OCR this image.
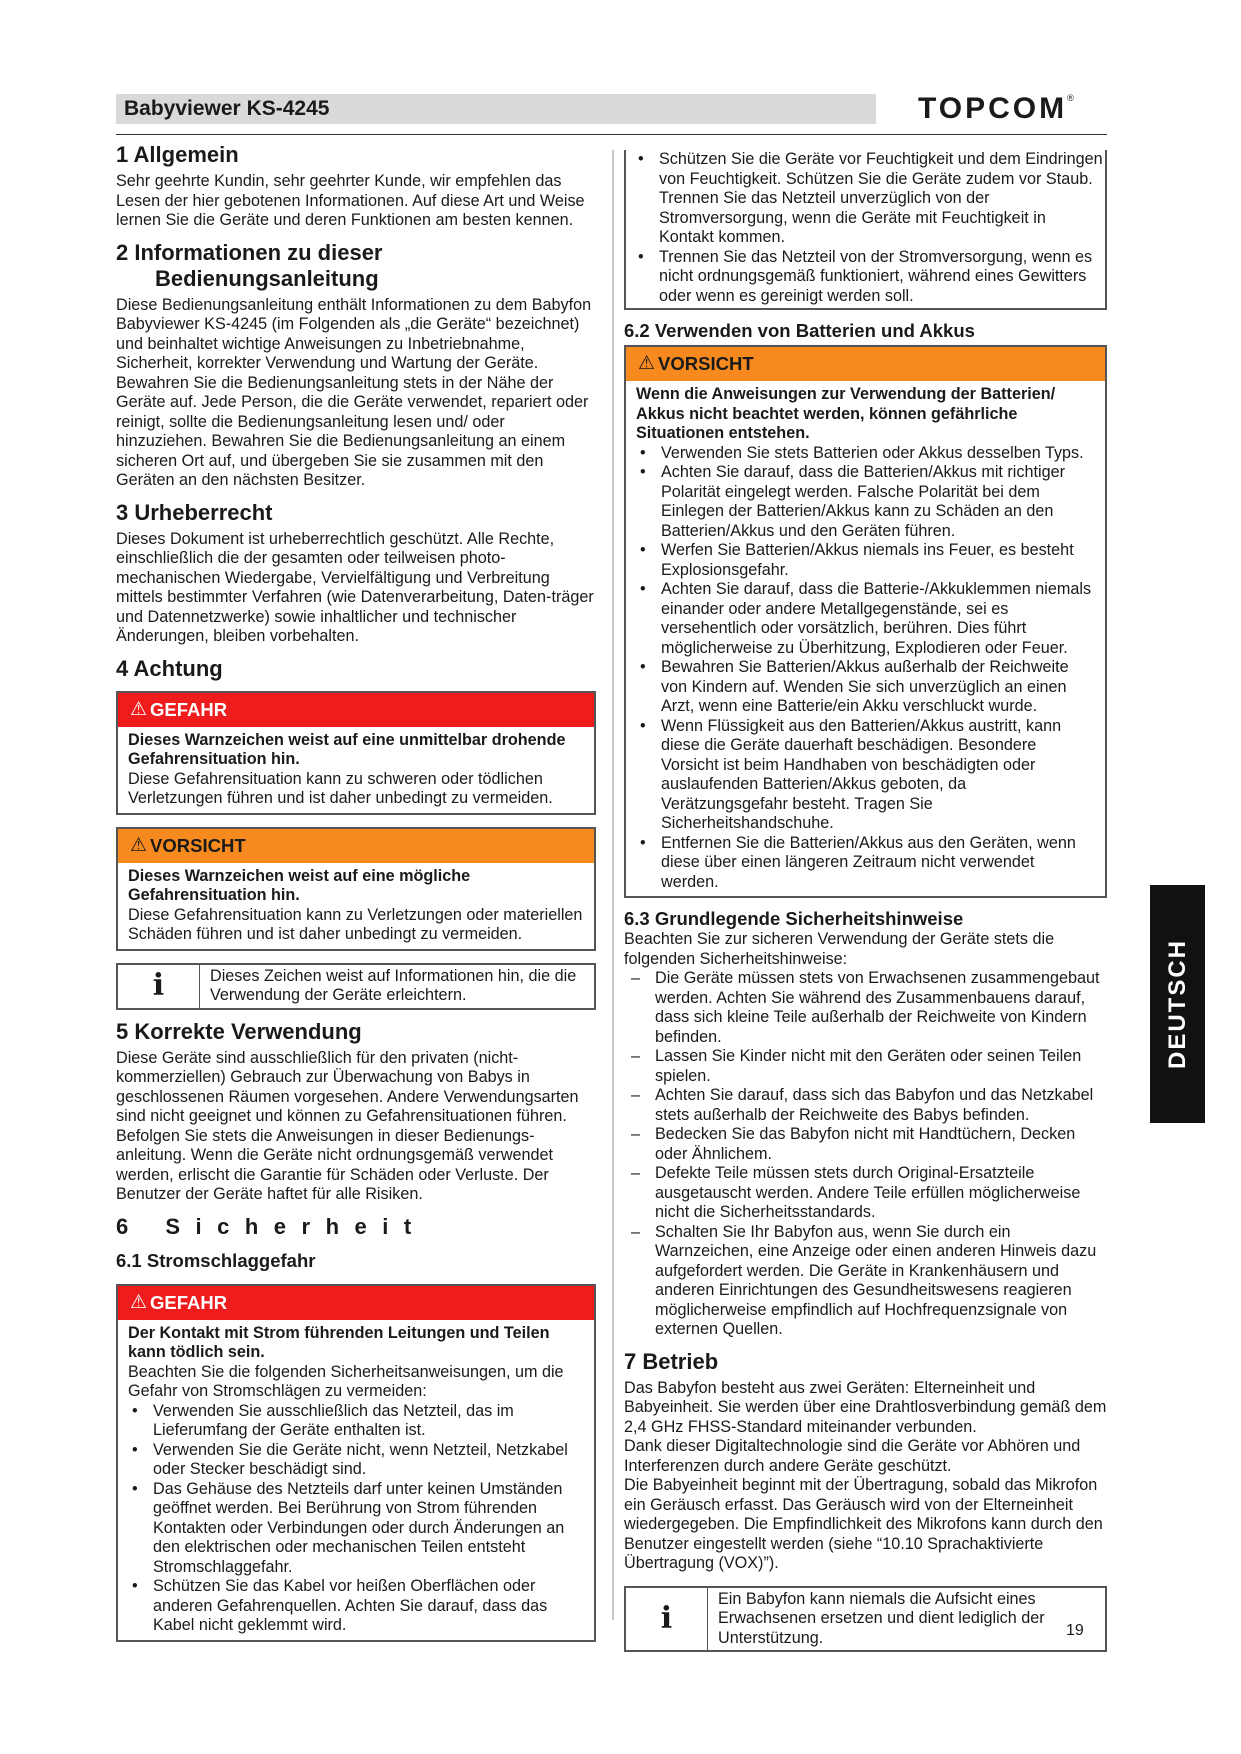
Babyviewer KS-4245	TOPCOM®
1 Allgemein

Sehr geehrte Kundin, sehr geehrter Kunde, wir empfehlen das Lesen der hier gebotenen Informationen. Auf diese Art und Weise lernen Sie die Geräte und deren Funktionen am besten kennen.

2 Informationen zu dieser
Bedienungsanleitung

Diese Bedienungsanleitung enthält Informationen zu dem Babyfon Babyviewer KS-4245 (im Folgenden als „die Geräte“ bezeichnet) und beinhaltet wichtige Anweisungen zu Inbetriebnahme, Sicherheit, korrekter Verwendung und Wartung der Geräte. Bewahren Sie die Bedienungsanleitung stets in der Nähe der Geräte auf. Jede Person, die die Geräte verwendet, repariert oder reinigt, sollte die Bedienungsanleitung lesen und/ oder hinzuziehen. Bewahren Sie die Bedienungsanleitung an einem sicheren Ort auf, und übergeben Sie sie zusammen mit den Geräten an den nächsten Besitzer.

3 Urheberrecht

Dieses Dokument ist urheberrechtlich geschützt. Alle Rechte, einschließlich die der gesamten oder teilweisen photo-mechanischen Wiedergabe, Vervielfältigung und Verbreitung mittels bestimmter Verfahren (wie Datenverarbeitung, Daten-träger und Datennetzwerke) sowie inhaltlicher und technischer Änderungen, bleiben vorbehalten.

4 Achtung
⚠ GEFAHR
Dieses Warnzeichen weist auf eine unmittelbar drohende Gefahrensituation hin.

Diese Gefahrensituation kann zu schweren oder tödlichen Verletzungen führen und ist daher unbedingt zu vermeiden.

⚠ VORSICHT
Dieses Warnzeichen weist auf eine mögliche Gefahrensituation hin.

Diese Gefahrensituation kann zu Verletzungen oder materiellen Schäden führen und ist daher unbedingt zu vermeiden.

i	Dieses Zeichen weist auf Informationen hin, die die Verwendung der Geräte erleichtern.
5 Korrekte Verwendung

Diese Geräte sind ausschließlich für den privaten (nicht-kommerziellen) Gebrauch zur Überwachung von Babys in geschlossenen Räumen vorgesehen. Andere Verwendungsarten sind nicht geeignet und können zu Gefahrensituationen führen. Befolgen Sie stets die Anweisungen in dieser Bedienungs-anleitung. Wenn die Geräte nicht ordnungsgemäß verwendet werden, erlischt die Garantie für Schäden oder Verluste. Der Benutzer der Geräte haftet für alle Risiken.

6 Sicherheit
6.1 Stromschlaggefahr
⚠ GEFAHR
Der Kontakt mit Strom führenden Leitungen und Teilen kann tödlich sein.

Beachten Sie die folgenden Sicherheitsanweisungen, um die Gefahr von Stromschlägen zu vermeiden:

• Verwenden Sie ausschließlich das Netzteil, das im Lieferumfang der Geräte enthalten ist.
• Verwenden Sie die Geräte nicht, wenn Netzteil, Netzkabel oder Stecker beschädigt sind.
• Das Gehäuse des Netzteils darf unter keinen Umständen geöffnet werden. Bei Berührung von Strom führenden Kontakten oder Verbindungen oder durch Änderungen an den elektrischen oder mechanischen Teilen entsteht Stromschlaggefahr.
• Schützen Sie das Kabel vor heißen Oberflächen oder anderen Gefahrenquellen. Achten Sie darauf, dass das Kabel nicht geklemmt wird.
• Schützen Sie die Geräte vor Feuchtigkeit und dem Eindringen von Feuchtigkeit. Schützen Sie die Geräte zudem vor Staub. Trennen Sie das Netzteil unverzüglich von der Stromversorgung, wenn die Geräte mit Feuchtigkeit in Kontakt kommen.
• Trennen Sie das Netzteil von der Stromversorgung, wenn es nicht ordnungsgemäß funktioniert, während eines Gewitters oder wenn es gereinigt werden soll.
6.2 Verwenden von Batterien und Akkus
⚠ VORSICHT
Wenn die Anweisungen zur Verwendung der Batterien/ Akkus nicht beachtet werden, können gefährliche Situationen entstehen.
• Verwenden Sie stets Batterien oder Akkus desselben Typs.
• Achten Sie darauf, dass die Batterien/Akkus mit richtiger Polarität eingelegt werden. Falsche Polarität bei dem Einlegen der Batterien/Akkus kann zu Schäden an den Batterien/Akkus und den Geräten führen.
• Werfen Sie Batterien/Akkus niemals ins Feuer, es besteht Explosionsgefahr.
• Achten Sie darauf, dass die Batterie-/Akkuklemmen niemals einander oder andere Metallgegenstände, sei es versehentlich oder vorsätzlich, berühren. Dies führt möglicherweise zu Überhitzung, Explodieren oder Feuer.
• Bewahren Sie Batterien/Akkus außerhalb der Reichweite von Kindern auf. Wenden Sie sich unverzüglich an einen Arzt, wenn eine Batterie/ein Akku verschluckt wurde.
• Wenn Flüssigkeit aus den Batterien/Akkus austritt, kann diese die Geräte dauerhaft beschädigen. Besondere Vorsicht ist beim Handhaben von beschädigten oder auslaufenden Batterien/Akkus geboten, da Verätzungsgefahr besteht. Tragen Sie Sicherheitshandschuhe.
• Entfernen Sie die Batterien/Akkus aus den Geräten, wenn diese über einen längeren Zeitraum nicht verwendet werden.
6.3 Grundlegende Sicherheitshinweise

Beachten Sie zur sicheren Verwendung der Geräte stets die folgenden Sicherheitshinweise:

– Die Geräte müssen stets von Erwachsenen zusammengebaut werden. Achten Sie während des Zusammenbauens darauf, dass sich kleine Teile außerhalb der Reichweite von Kindern befinden.
– Lassen Sie Kinder nicht mit den Geräten oder seinen Teilen spielen.
– Achten Sie darauf, dass sich das Babyfon und das Netzkabel stets außerhalb der Reichweite des Babys befinden.
– Bedecken Sie das Babyfon nicht mit Handtüchern, Decken oder Ähnlichem.
– Defekte Teile müssen stets durch Original-Ersatzteile ausgetauscht werden. Andere Teile erfüllen möglicherweise nicht die Sicherheitsstandards.
– Schalten Sie Ihr Babyfon aus, wenn Sie durch ein Warnzeichen, eine Anzeige oder einen anderen Hinweis dazu aufgefordert werden. Die Geräte in Krankenhäusern und anderen Einrichtungen des Gesundheitswesens reagieren möglicherweise empfindlich auf Hochfrequenzsignale von externen Quellen.
7 Betrieb

Das Babyfon besteht aus zwei Geräten: Elterneinheit und Babyeinheit. Sie werden über eine Drahtlosverbindung gemäß dem 2,4 GHz FHSS-Standard miteinander verbunden.

Dank dieser Digitaltechnologie sind die Geräte vor Abhören und Interferenzen durch andere Geräte geschützt.

Die Babyeinheit beginnt mit der Übertragung, sobald das Mikrofon ein Geräusch erfasst. Das Geräusch wird von der Elterneinheit wiedergegeben. Die Empfindlichkeit des Mikrofons kann durch den Benutzer eingestellt werden (siehe “10.10 Sprachaktivierte Übertragung (VOX)”).

i
Ein Babyfon kann niemals die Aufsicht eines Erwachsenen ersetzen und dient lediglich der Unterstützung.
DEUTSCH
19
